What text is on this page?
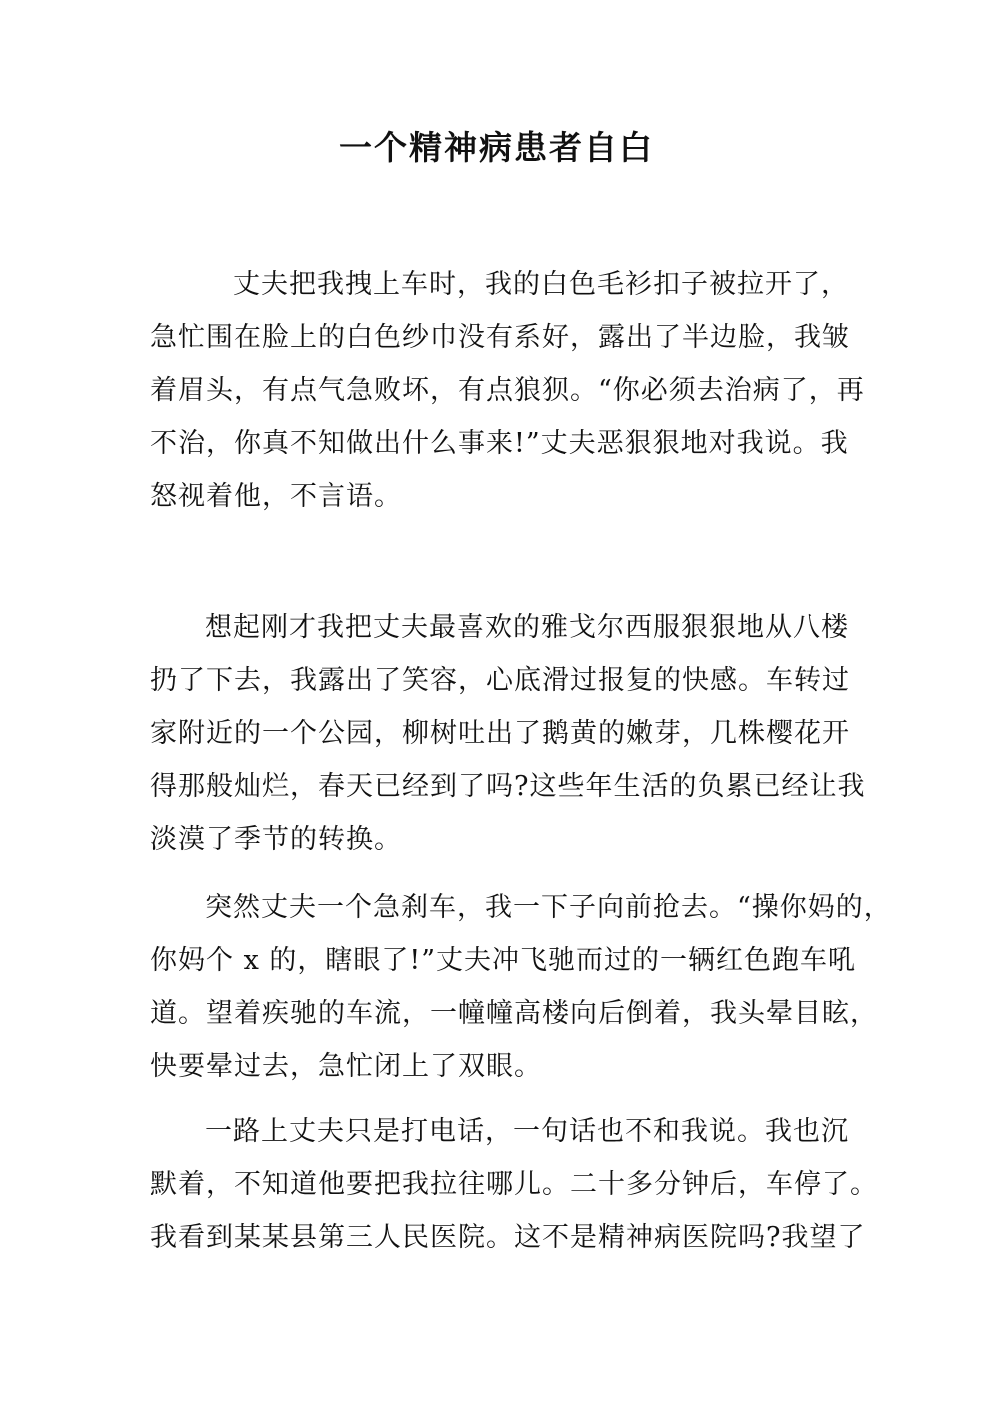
一个精神病患者自白
丈夫把我拽上车时，我的白色毛衫扣子被拉开了，
急忙围在脸上的白色纱巾没有系好，露出了半边脸，我皱
着眉头，有点气急败坏，有点狼狈。“你必须去治病了，再
不治，你真不知做出什么事来!”丈夫恶狠狠地对我说。我
怒视着他，不言语。
想起刚才我把丈夫最喜欢的雅戈尔西服狠狠地从八楼
扔了下去，我露出了笑容，心底滑过报复的快感。车转过
家附近的一个公园，柳树吐出了鹅黄的嫩芽，几株樱花开
得那般灿烂，春天已经到了吗?这些年生活的负累已经让我
淡漠了季节的转换。
突然丈夫一个急刹车，我一下子向前抢去。“操你妈的，
你妈个 x 的，瞎眼了!”丈夫冲飞驰而过的一辆红色跑车吼
道。望着疾驰的车流，一幢幢高楼向后倒着，我头晕目眩，
快要晕过去，急忙闭上了双眼。
一路上丈夫只是打电话，一句话也不和我说。我也沉
默着，不知道他要把我拉往哪儿。二十多分钟后，车停了。
我看到某某县第三人民医院。这不是精神病医院吗?我望了
